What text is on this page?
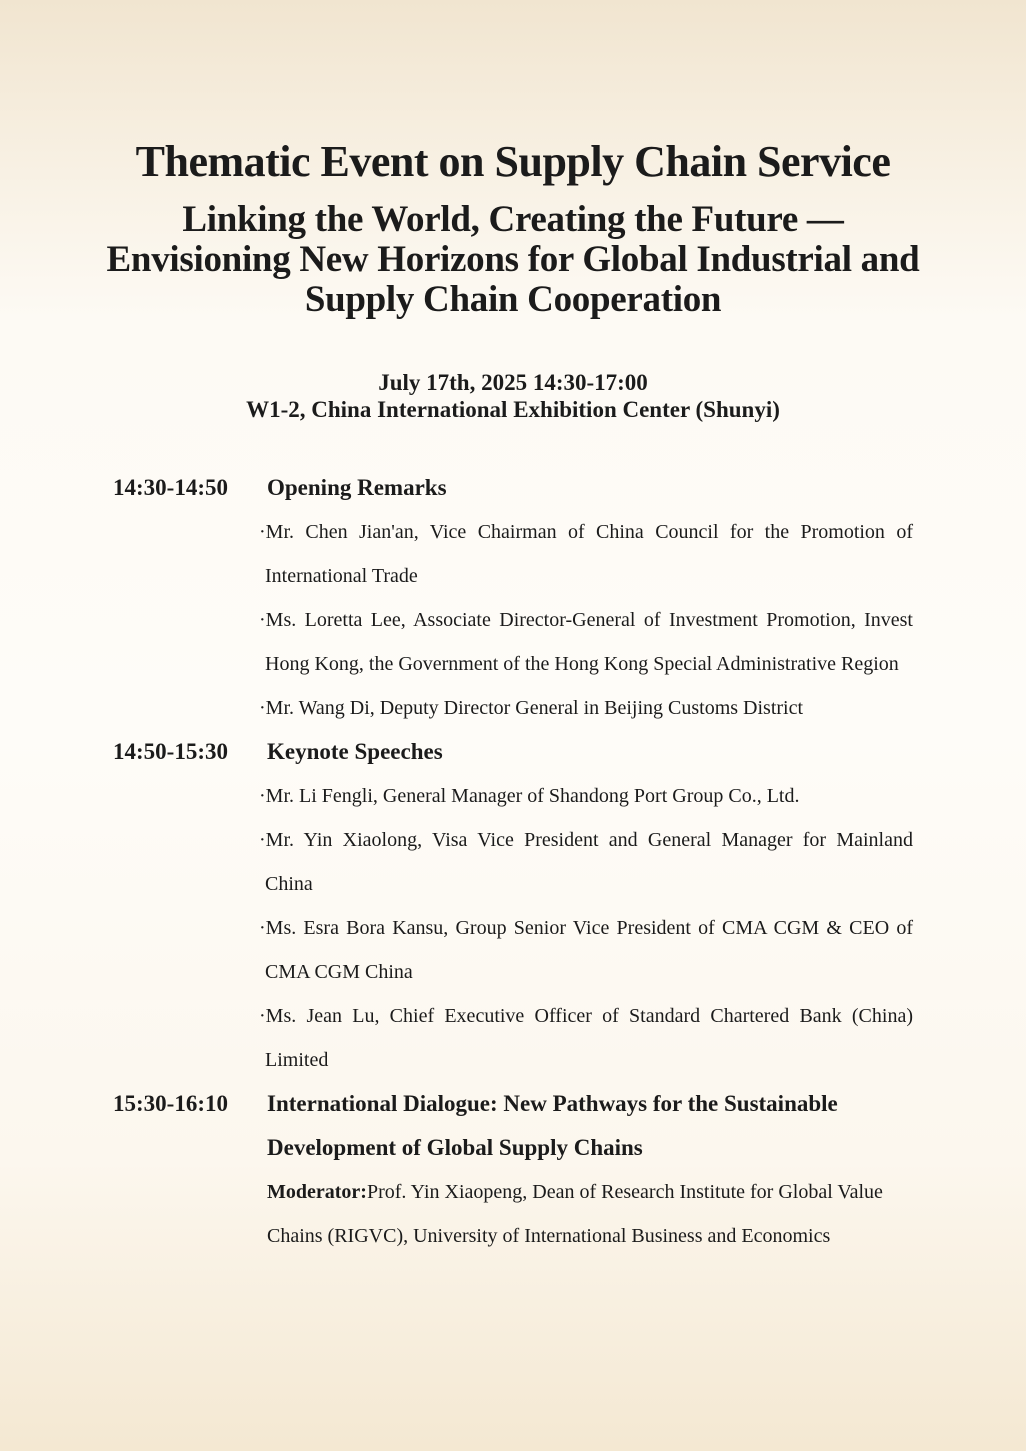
Thematic Event on Supply Chain Service
Linking the World, Creating the Future — Envisioning New Horizons for Global Industrial and Supply Chain Cooperation
July 17th, 2025 14:30-17:00
W1-2, China International Exhibition Center (Shunyi)
14:30-14:50 Opening Remarks
·Mr. Chen Jian'an, Vice Chairman of China Council for the Promotion of International Trade
·Ms. Loretta Lee, Associate Director-General of Investment Promotion, Invest Hong Kong, the Government of the Hong Kong Special Administrative Region
·Mr. Wang Di, Deputy Director General in Beijing Customs District
14:50-15:30 Keynote Speeches
·Mr. Li Fengli, General Manager of Shandong Port Group Co., Ltd.
·Mr. Yin Xiaolong, Visa Vice President and General Manager for Mainland China
·Ms. Esra Bora Kansu, Group Senior Vice President of CMA CGM & CEO of CMA CGM China
·Ms. Jean Lu, Chief Executive Officer of Standard Chartered Bank (China) Limited
15:30-16:10 International Dialogue: New Pathways for the Sustainable Development of Global Supply Chains
Moderator:Prof. Yin Xiaopeng, Dean of Research Institute for Global Value Chains (RIGVC), University of International Business and Economics
